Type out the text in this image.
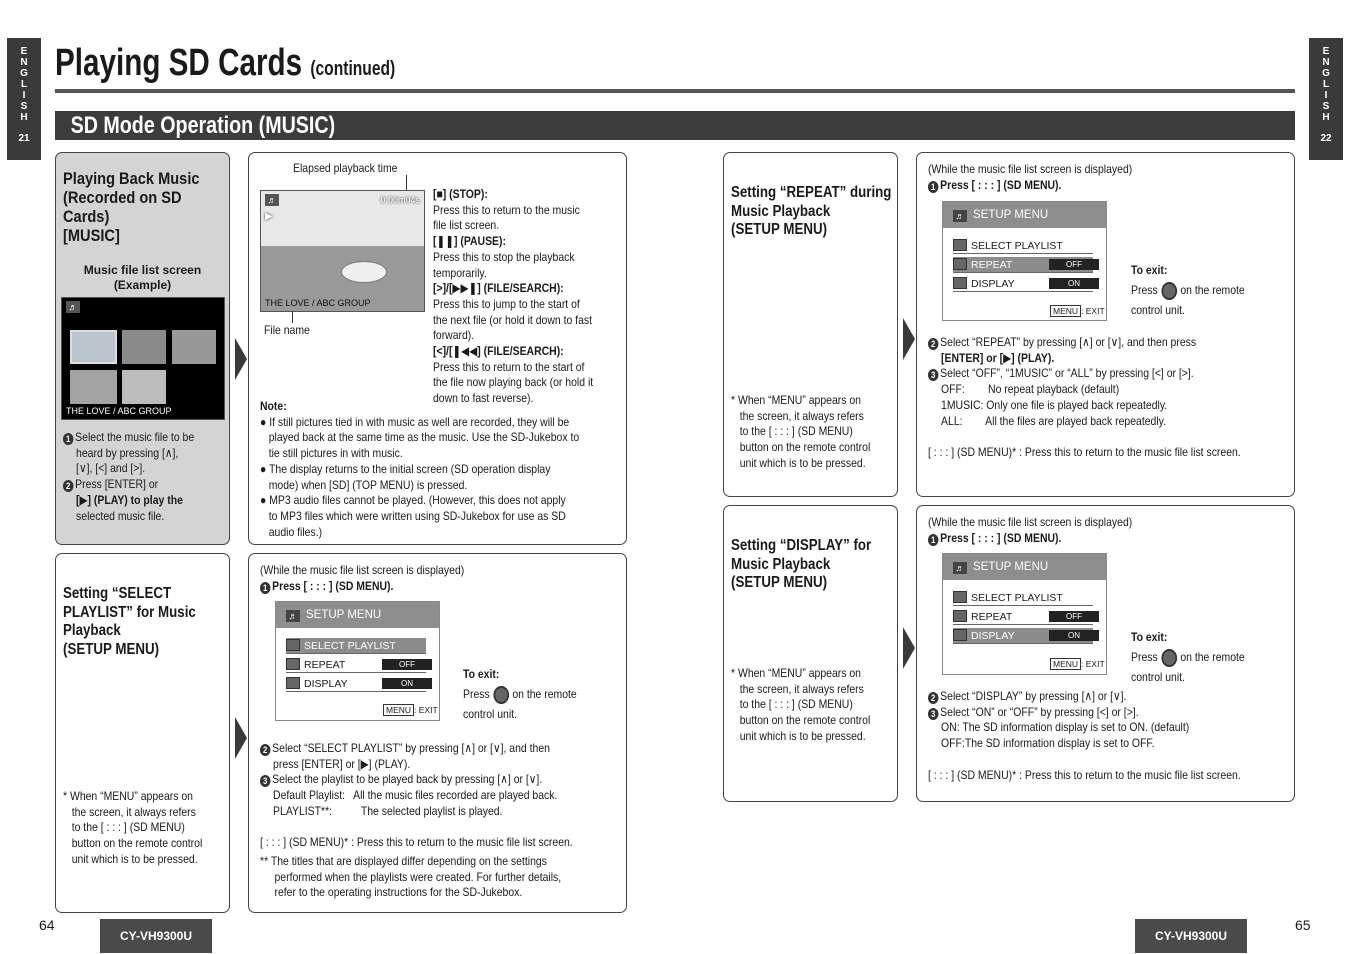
E
N
G
L
I
S
H
21
E
N
G
L
I
S
H
22
Playing SD Cards (continued)
SD Mode Operation (MUSIC)
Playing Back Music
(Recorded on SD
Cards)
[MUSIC]
Music file list screen
(Example)
♬
THE LOVE / ABC GROUP
1 Select the music file to be
heard by pressing [∧],
[∨], [<] and [>].
2 Press [ENTER] or
[▶] (PLAY) to play the
selected music file.
Elapsed playback time
♬
▶
0:00m04s
THE LOVE / ABC GROUP
File name
[■] (STOP):
Press this to return to the music
file list screen.
[❚❚] (PAUSE):
Press this to stop the playback
temporarily.
[>]/[▶▶❚] (FILE/SEARCH):
Press this to jump to the start of
the next file (or hold it down to fast
forward).
[<]/[❚◀◀] (FILE/SEARCH):
Press this to return to the start of
the file now playing back (or hold it
down to fast reverse).
Note:
● If still pictures tied in with music as well are recorded, they will be
played back at the same time as the music. Use the SD-Jukebox to
tie still pictures in with music.
● The display returns to the initial screen (SD operation display
mode) when [SD] (TOP MENU) is pressed.
● MP3 audio files cannot be played. (However, this does not apply
to MP3 files which were written using SD-Jukebox for use as SD
audio files.)
Setting “SELECT
PLAYLIST” for Music
Playback
(SETUP MENU)
* When “MENU” appears on
the screen, it always refers
to the [ : : : ] (SD MENU)
button on the remote control
unit which is to be pressed.
(While the music file list screen is displayed)
1 Press [ : : : ] (SD MENU).
♬ SETUP MENU
SELECT PLAYLIST
REPEAT	OFF
DISPLAY	ON
MENU : EXIT
To exit:
Press on the remote
control unit.
2 Select “SELECT PLAYLIST” by pressing [∧] or [∨], and then
press [ENTER] or [▶] (PLAY).
3 Select the playlist to be played back by pressing [∧] or [∨].
Default Playlist:   All the music files recorded are played back.
PLAYLIST**:          The selected playlist is played.
[ : : : ] (SD MENU)* : Press this to return to the music file list screen.
** The titles that are displayed differ depending on the settings
performed when the playlists were created. For further details,
refer to the operating instructions for the SD-Jukebox.
Setting “REPEAT” during
Music Playback
(SETUP MENU)
* When “MENU” appears on
the screen, it always refers
to the [ : : : ] (SD MENU)
button on the remote control
unit which is to be pressed.
(While the music file list screen is displayed)
1 Press [ : : : ] (SD MENU).
♬ SETUP MENU
SELECT PLAYLIST
REPEAT	OFF
DISPLAY	ON
MENU : EXIT
To exit:
Press on the remote
control unit.
2 Select “REPEAT” by pressing [∧] or [∨], and then press
[ENTER] or [▶] (PLAY).
3 Select “OFF”, “1MUSIC” or “ALL” by pressing [<] or [>].
OFF:        No repeat playback (default)
1MUSIC: Only one file is played back repeatedly.
ALL:        All the files are played back repeatedly.
[ : : : ] (SD MENU)* : Press this to return to the music file list screen.
Setting “DISPLAY” for
Music Playback
(SETUP MENU)
* When “MENU” appears on
the screen, it always refers
to the [ : : : ] (SD MENU)
button on the remote control
unit which is to be pressed.
(While the music file list screen is displayed)
1 Press [ : : : ] (SD MENU).
♬ SETUP MENU
SELECT PLAYLIST
REPEAT	OFF
DISPLAY	ON
MENU : EXIT
To exit:
Press on the remote
control unit.
2 Select “DISPLAY” by pressing [∧] or [∨].
3 Select “ON” or “OFF” by pressing [<] or [>].
ON: The SD information display is set to ON. (default)
OFF:The SD information display is set to OFF.
[ : : : ] (SD MENU)* : Press this to return to the music file list screen.
64
CY-VH9300U	CY-VH9300U
65
